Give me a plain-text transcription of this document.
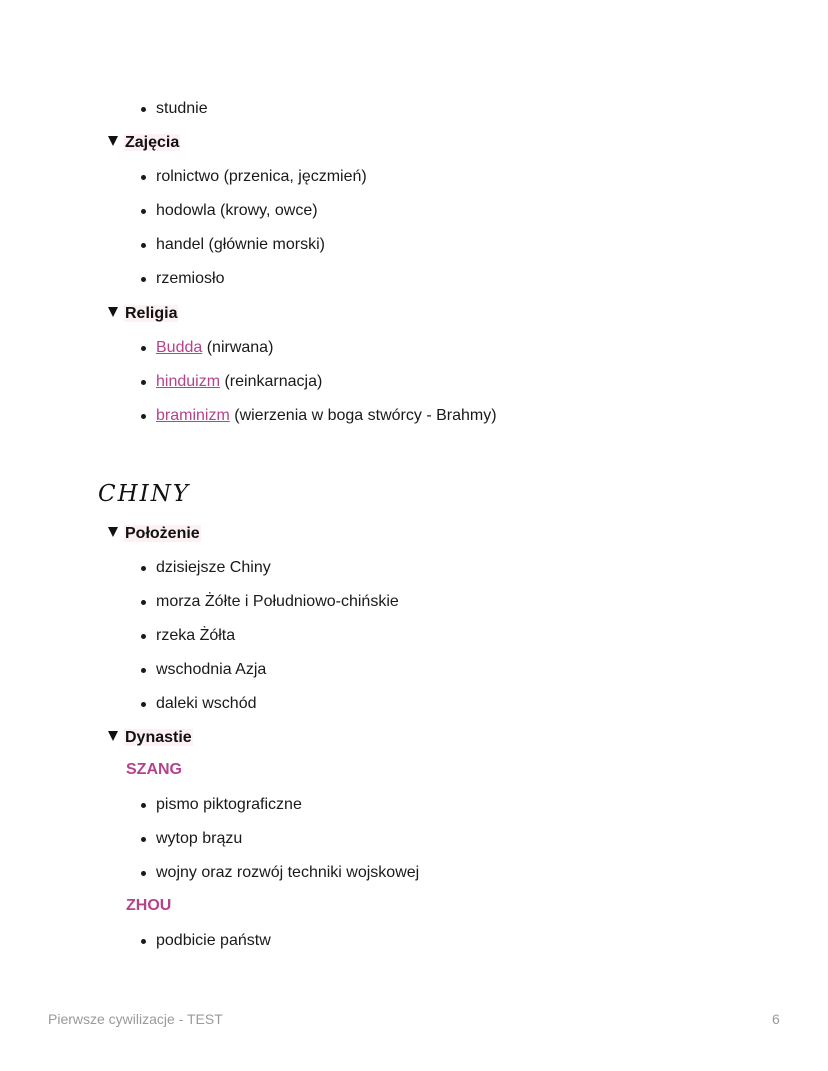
studnie
Zajęcia
rolnictwo (przenica, jęczmień)
hodowla (krowy, owce)
handel (głównie morski)
rzemiosło
Religia
Budda (nirwana)
hinduizm (reinkarnacja)
braminizm (wierzenia w boga stwórcy - Brahmy)
CHINY
Położenie
dzisiejsze Chiny
morza Żółte i Południowo-chińskie
rzeka Żółta
wschodnia Azja
daleki wschód
Dynastie
SZANG
pismo piktograficzne
wytop brązu
wojny oraz rozwój techniki wojskowej
ZHOU
podbicie państw
Pierwsze cywilizacje - TEST	6
